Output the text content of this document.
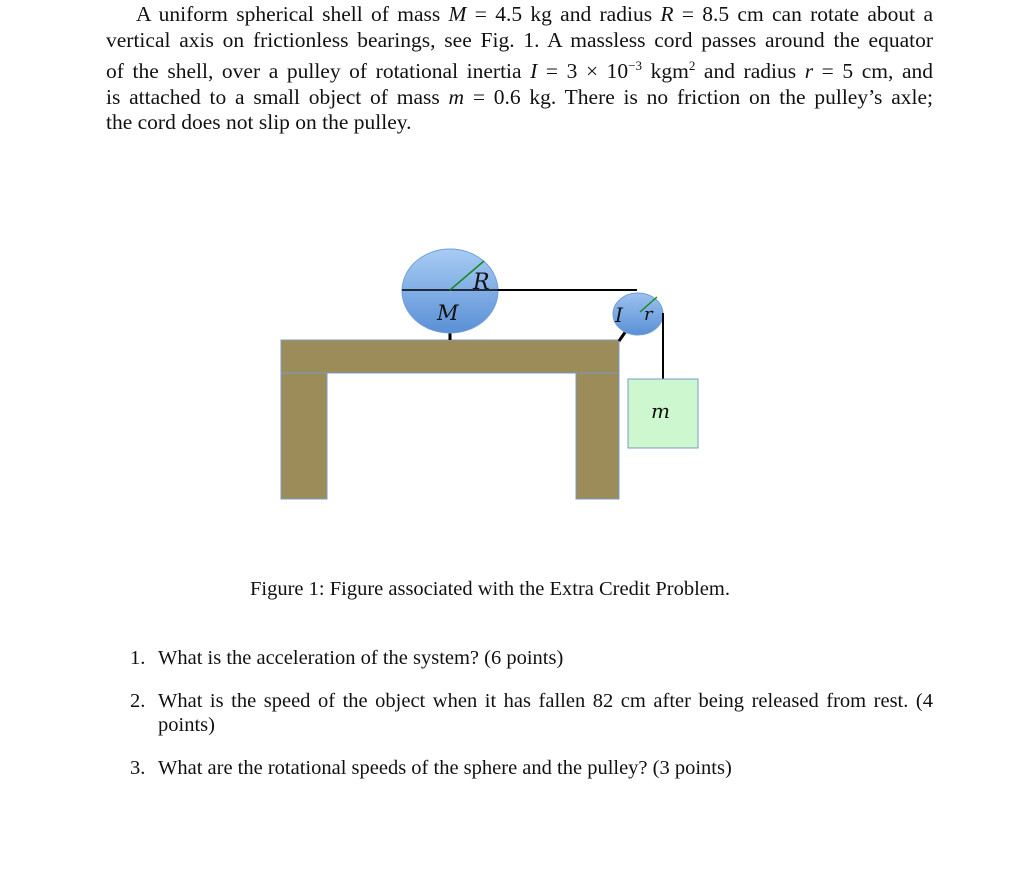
A uniform spherical shell of mass M = 4.5 kg and radius R = 8.5 cm can rotate about a
vertical axis on frictionless bearings, see Fig. 1. A massless cord passes around the equator
of the shell, over a pulley of rotational inertia $I = 3 \times 10^{-3}$ kgm$^2$ and radius r = 5 cm, and
is attached to a small object of mass m = 0.6 kg. There is no friction on the pulley’s axle;
the cord does not slip on the pulley.
R
M	I r
m
Figure 1: Figure associated with the Extra Credit Problem.
1. What is the acceleration of the system? (6 points)
2. What is the speed of the object when it has fallen 82 cm after being released from rest. (4 points)
3. What are the rotational speeds of the sphere and the pulley? (3 points)
